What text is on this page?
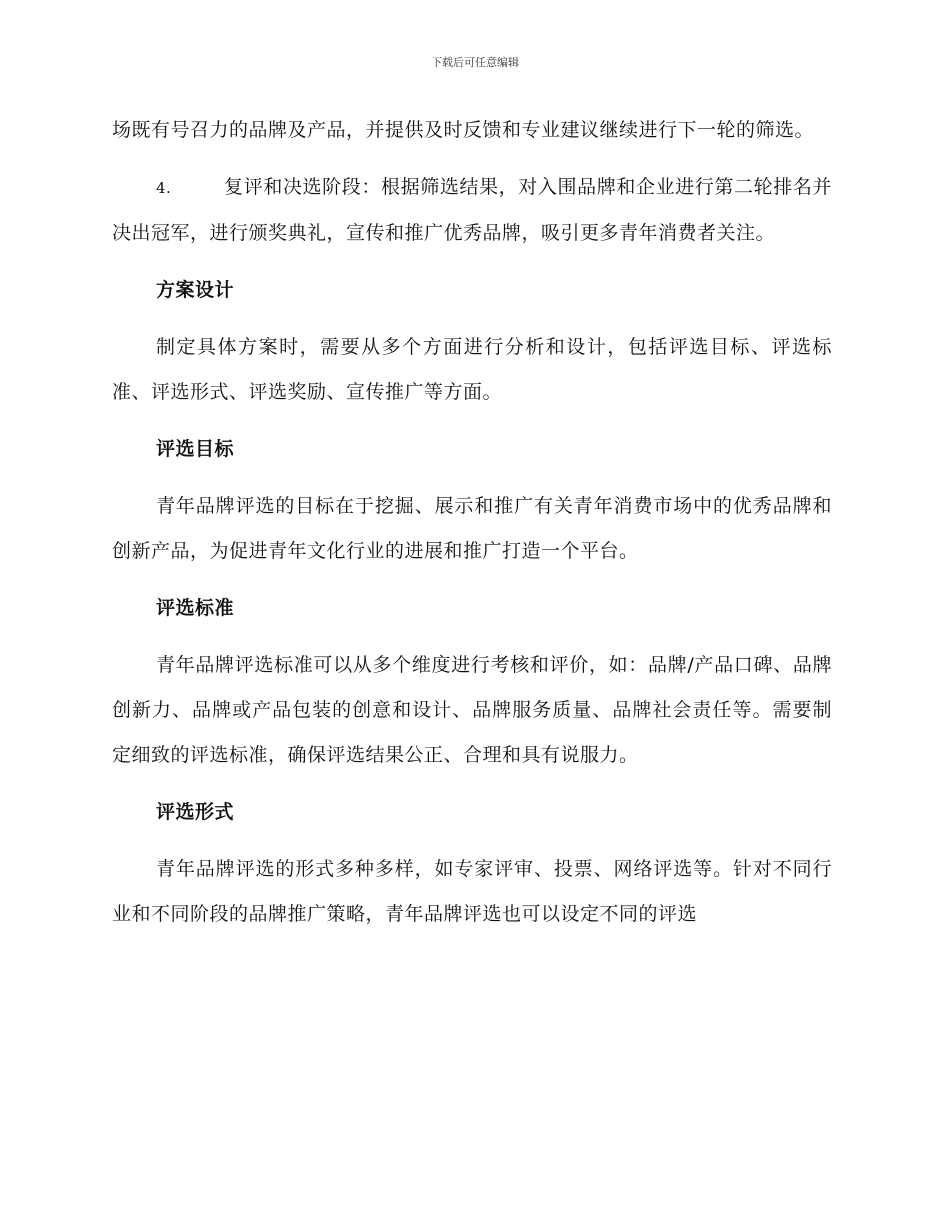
下载后可任意编辑

场既有号召力的品牌及产品，并提供及时反馈和专业建议继续进行下一轮的筛选。

4.	复评和决选阶段：根据筛选结果，对入围品牌和企业进行第二轮排名并决出冠军，进行颁奖典礼，宣传和推广优秀品牌，吸引更多青年消费者关注。

方案设计

制定具体方案时，需要从多个方面进行分析和设计，包括评选目标、评选标准、评选形式、评选奖励、宣传推广等方面。

评选目标

青年品牌评选的目标在于挖掘、展示和推广有关青年消费市场中的优秀品牌和创新产品，为促进青年文化行业的进展和推广打造一个平台。

评选标准

青年品牌评选标准可以从多个维度进行考核和评价，如：品牌/产品口碑、品牌创新力、品牌或产品包装的创意和设计、品牌服务质量、品牌社会责任等。需要制定细致的评选标准，确保评选结果公正、合理和具有说服力。

评选形式

青年品牌评选的形式多种多样，如专家评审、投票、网络评选等。针对不同行业和不同阶段的品牌推广策略，青年品牌评选也可以设定不同的评选
